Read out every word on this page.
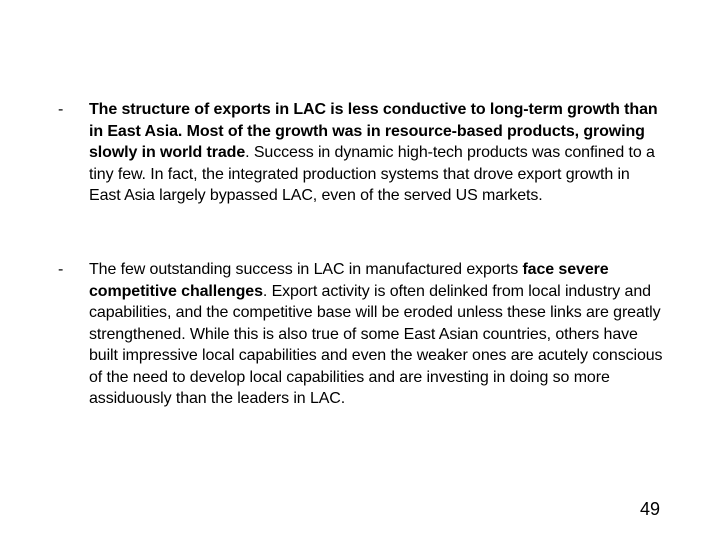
- The structure of exports in LAC is less conductive to long-term growth than in East Asia. Most of the growth was in resource-based products, growing slowly in world trade. Success in dynamic high-tech products was confined to a tiny few. In fact, the integrated production systems that drove export growth in East Asia largely bypassed LAC, even of the served US markets.
- The few outstanding success in LAC in manufactured exports face severe competitive challenges. Export activity is often delinked from local industry and capabilities, and the competitive base will be eroded unless these links are greatly strengthened. While this is also true of some East Asian countries, others have built impressive local capabilities and even the weaker ones are acutely conscious of the need to develop local capabilities and are investing in doing so more assiduously than the leaders in LAC.
49
